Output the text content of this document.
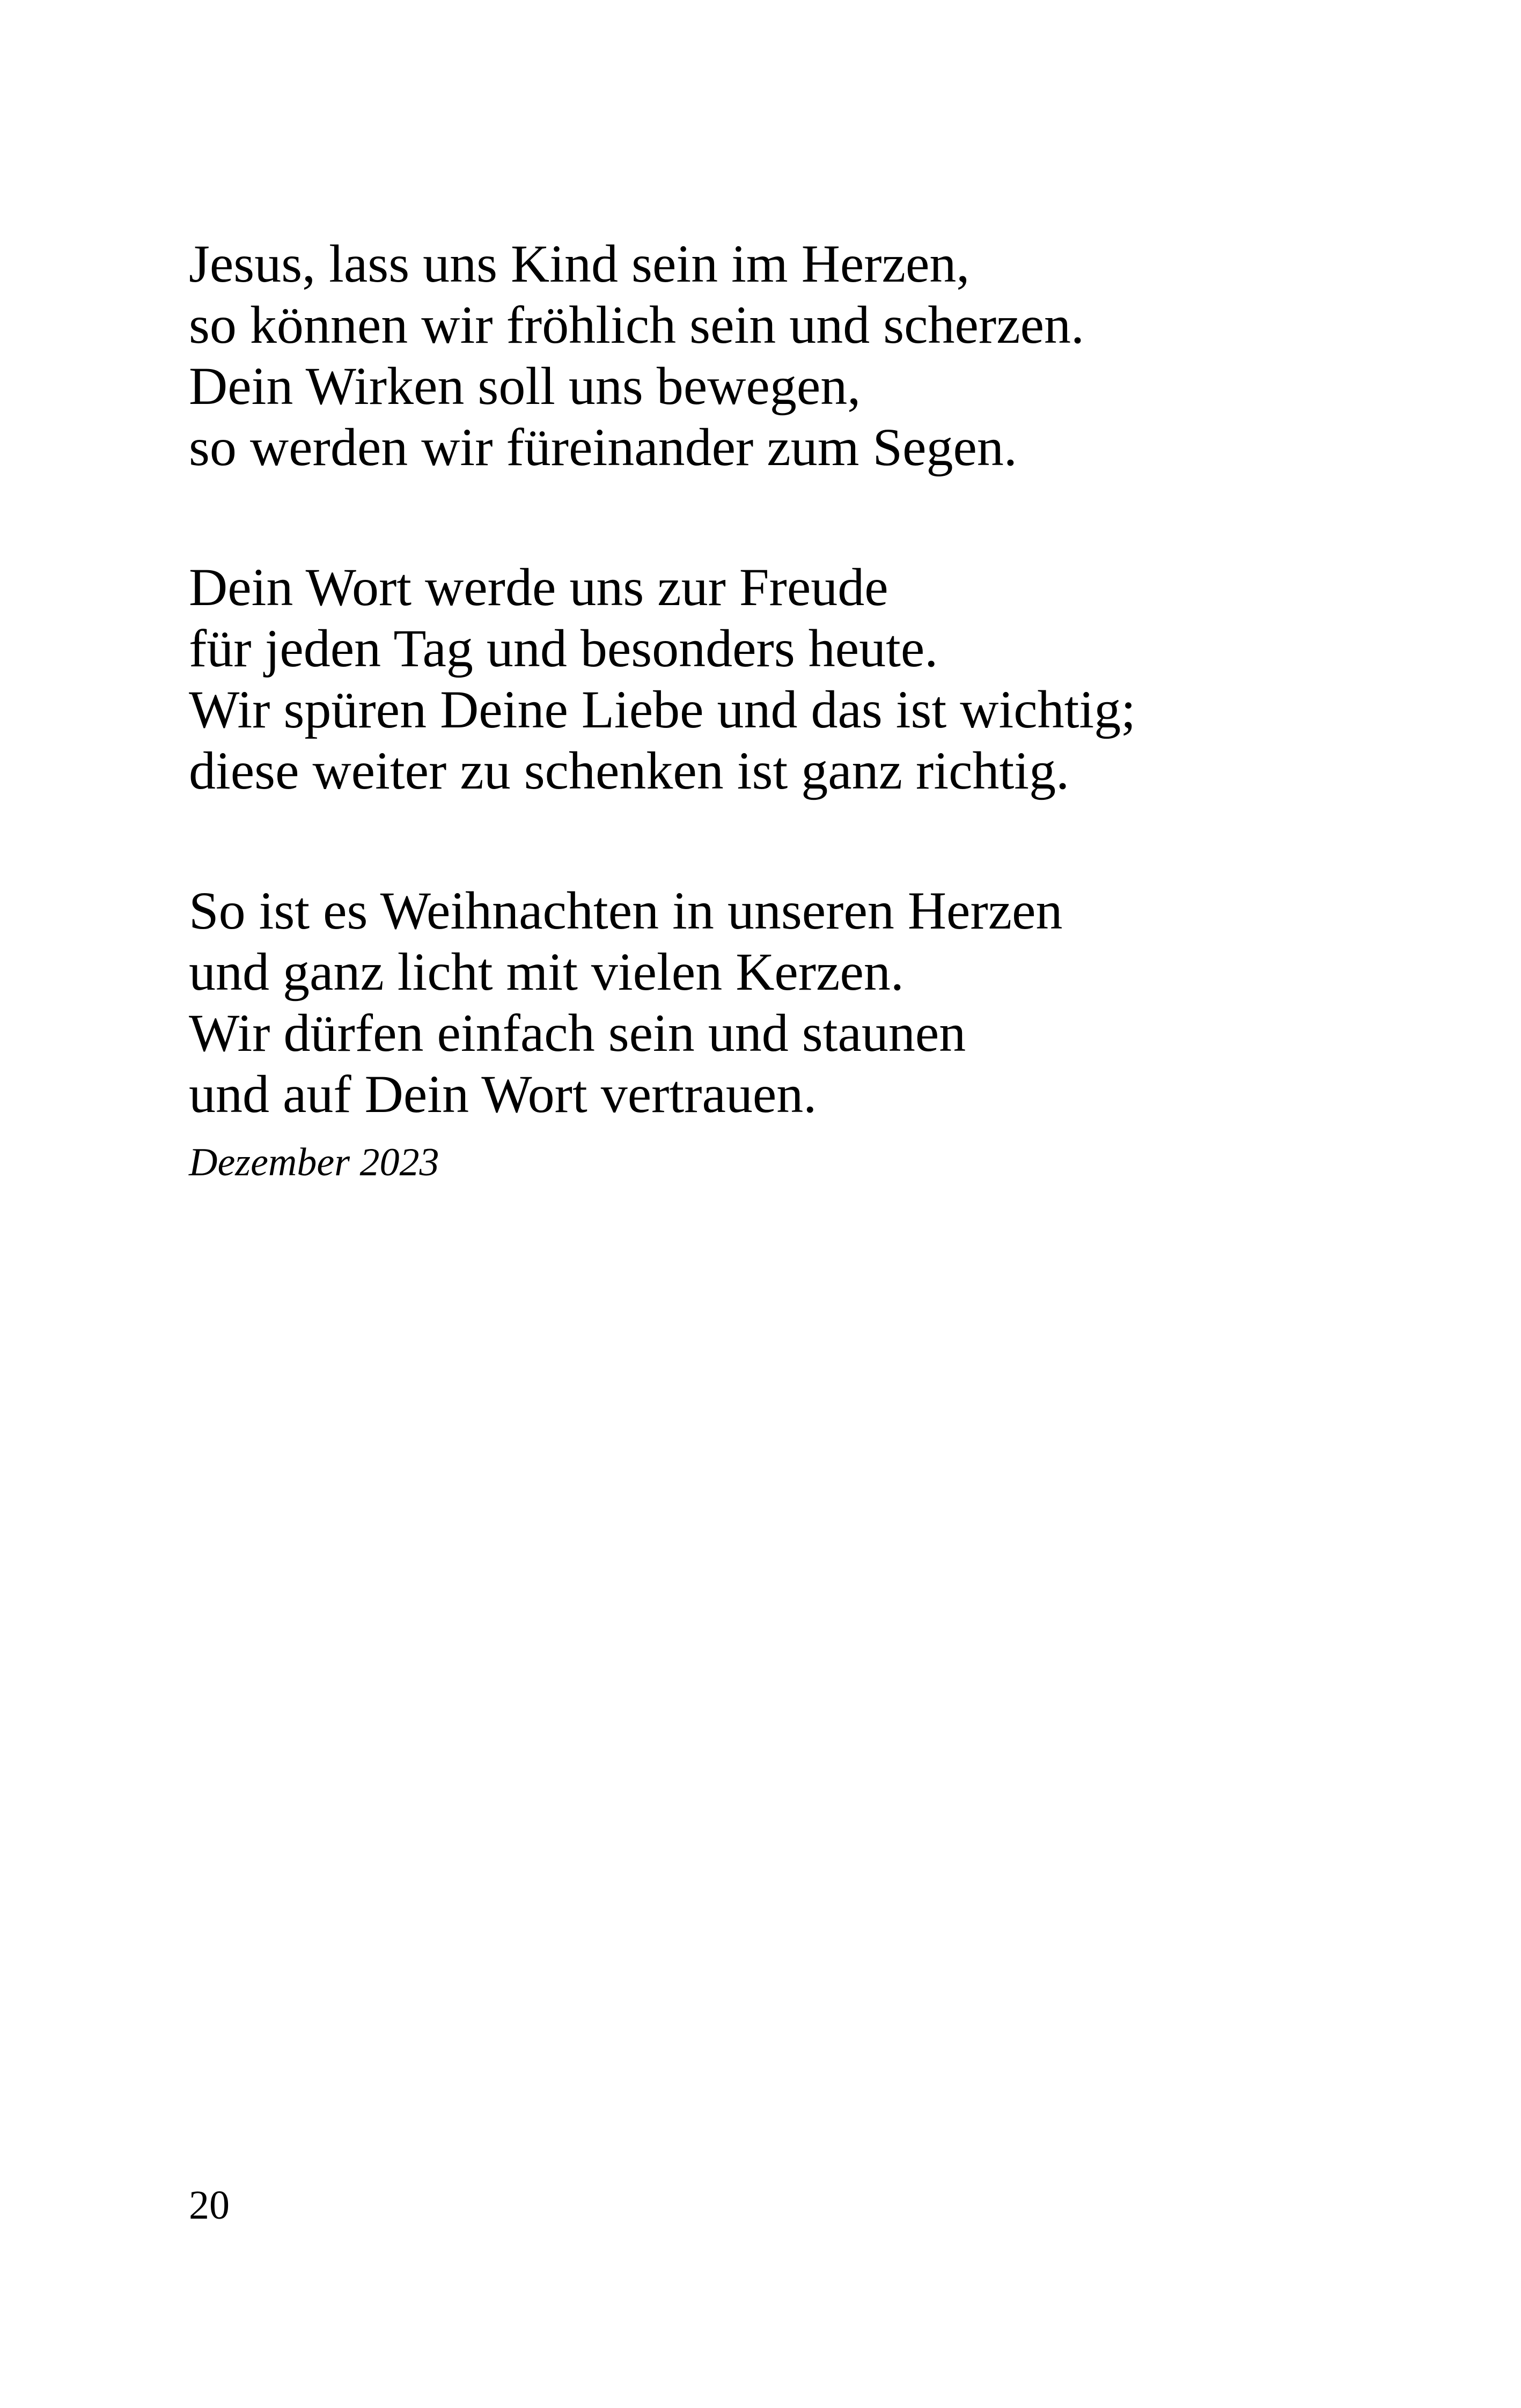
Jesus, lass uns Kind sein im Herzen,
so können wir fröhlich sein und scherzen.
Dein Wirken soll uns bewegen,
so werden wir füreinander zum Segen.
Dein Wort werde uns zur Freude
für jeden Tag und besonders heute.
Wir spüren Deine Liebe und das ist wichtig;
diese weiter zu schenken ist ganz richtig.
So ist es Weihnachten in unseren Herzen
und ganz licht mit vielen Kerzen.
Wir dürfen einfach sein und staunen
und auf Dein Wort vertrauen.
Dezember 2023
20
